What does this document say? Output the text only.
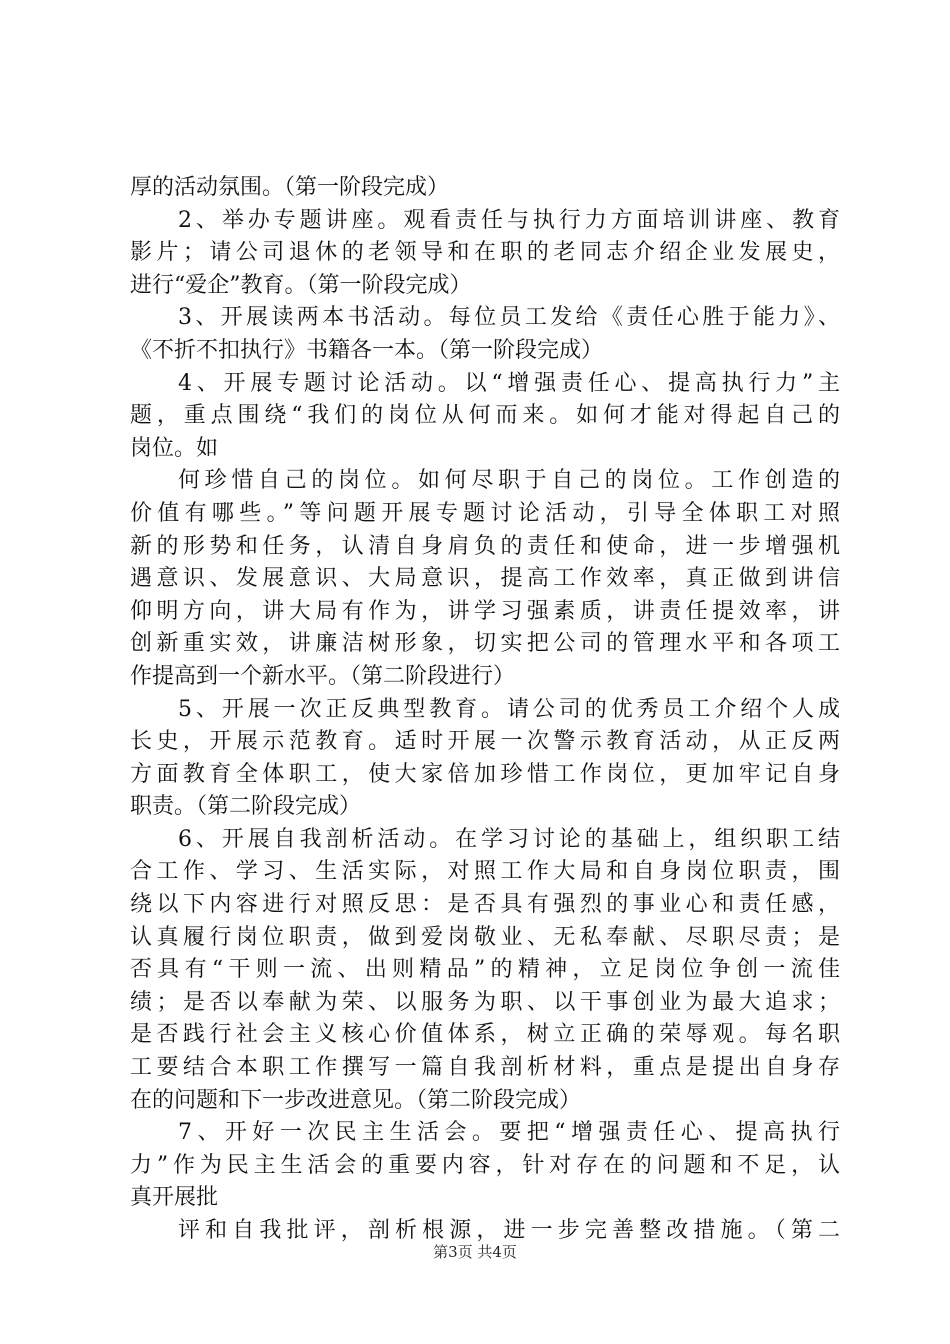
厚的活动氛围。（第一阶段完成）
2、举办专题讲座。观看责任与执行力方面培训讲座、教育
影片；请公司退休的老领导和在职的老同志介绍企业发展史，
进行“爱企”教育。（第一阶段完成）
3、开展读两本书活动。每位员工发给《责任心胜于能力》、
《不折不扣执行》书籍各一本。（第一阶段完成）
4、开展专题讨论活动。以“增强责任心、提高执行力”主
题，重点围绕“我们的岗位从何而来。如何才能对得起自己的
岗位。如
何珍惜自己的岗位。如何尽职于自己的岗位。工作创造的
价值有哪些。”等问题开展专题讨论活动，引导全体职工对照
新的形势和任务，认清自身肩负的责任和使命，进一步增强机
遇意识、发展意识、大局意识，提高工作效率，真正做到讲信
仰明方向，讲大局有作为，讲学习强素质，讲责任提效率，讲
创新重实效，讲廉洁树形象，切实把公司的管理水平和各项工
作提高到一个新水平。（第二阶段进行）
5、开展一次正反典型教育。请公司的优秀员工介绍个人成
长史，开展示范教育。适时开展一次警示教育活动，从正反两
方面教育全体职工，使大家倍加珍惜工作岗位，更加牢记自身
职责。（第二阶段完成）
6、开展自我剖析活动。在学习讨论的基础上，组织职工结
合工作、学习、生活实际，对照工作大局和自身岗位职责，围
绕以下内容进行对照反思：是否具有强烈的事业心和责任感，
认真履行岗位职责，做到爱岗敬业、无私奉献、尽职尽责；是
否具有“干则一流、出则精品”的精神，立足岗位争创一流佳
绩；是否以奉献为荣、以服务为职、以干事创业为最大追求；
是否践行社会主义核心价值体系，树立正确的荣辱观。每名职
工要结合本职工作撰写一篇自我剖析材料，重点是提出自身存
在的问题和下一步改进意见。（第二阶段完成）
7、开好一次民主生活会。要把“增强责任心、提高执行
力”作为民主生活会的重要内容，针对存在的问题和不足，认
真开展批
评和自我批评，剖析根源，进一步完善整改措施。（第二
第3页 共4页
